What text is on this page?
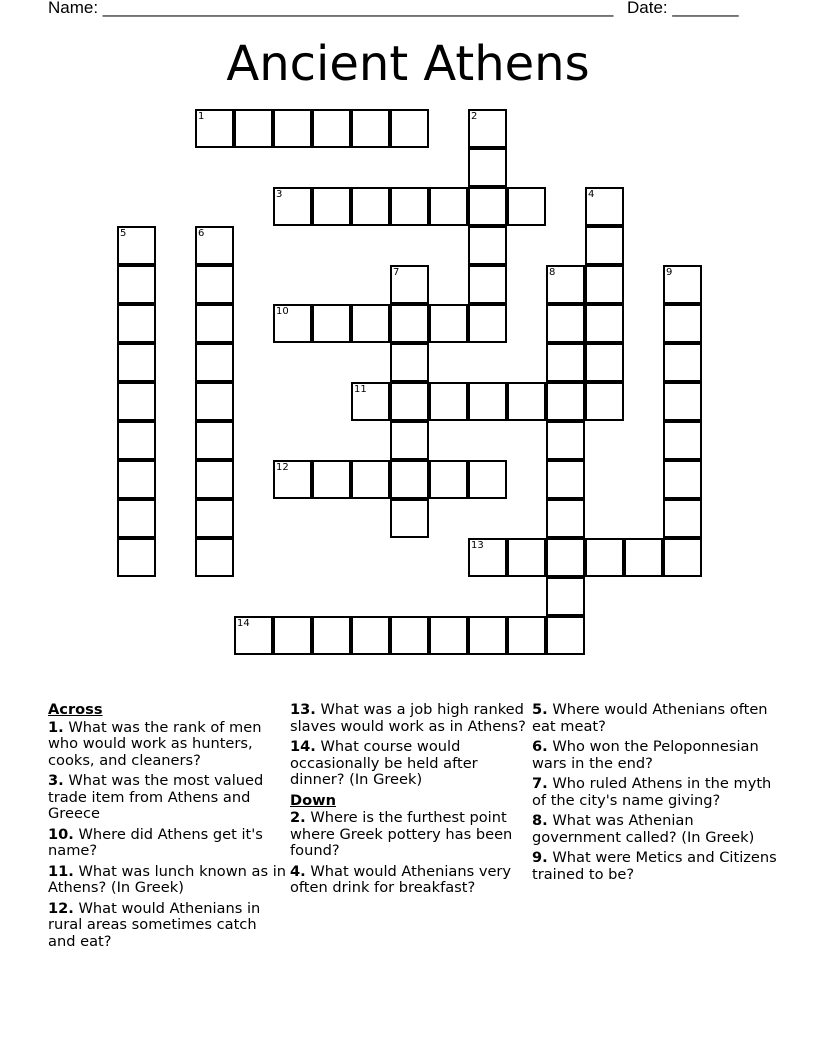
Name: ______________________________________________________ Date: _______
Ancient Athens
1	2
3	4
5	6
7	8	9
10
11
12
13
14
Across
1. What was the rank of men who would work as hunters, cooks, and cleaners?
3. What was the most valued trade item from Athens and Greece
10. Where did Athens get it's name?
11. What was lunch known as in Athens? (In Greek)
12. What would Athenians in rural areas sometimes catch and eat?
13. What was a job high ranked slaves would work as in Athens?
14. What course would occasionally be held after dinner? (In Greek)
Down
2. Where is the furthest point where Greek pottery has been found?
4. What would Athenians very often drink for breakfast?
5. Where would Athenians often eat meat?
6. Who won the Peloponnesian wars in the end?
7. Who ruled Athens in the myth of the city's name giving?
8. What was Athenian government called? (In Greek)
9. What were Metics and Citizens trained to be?
